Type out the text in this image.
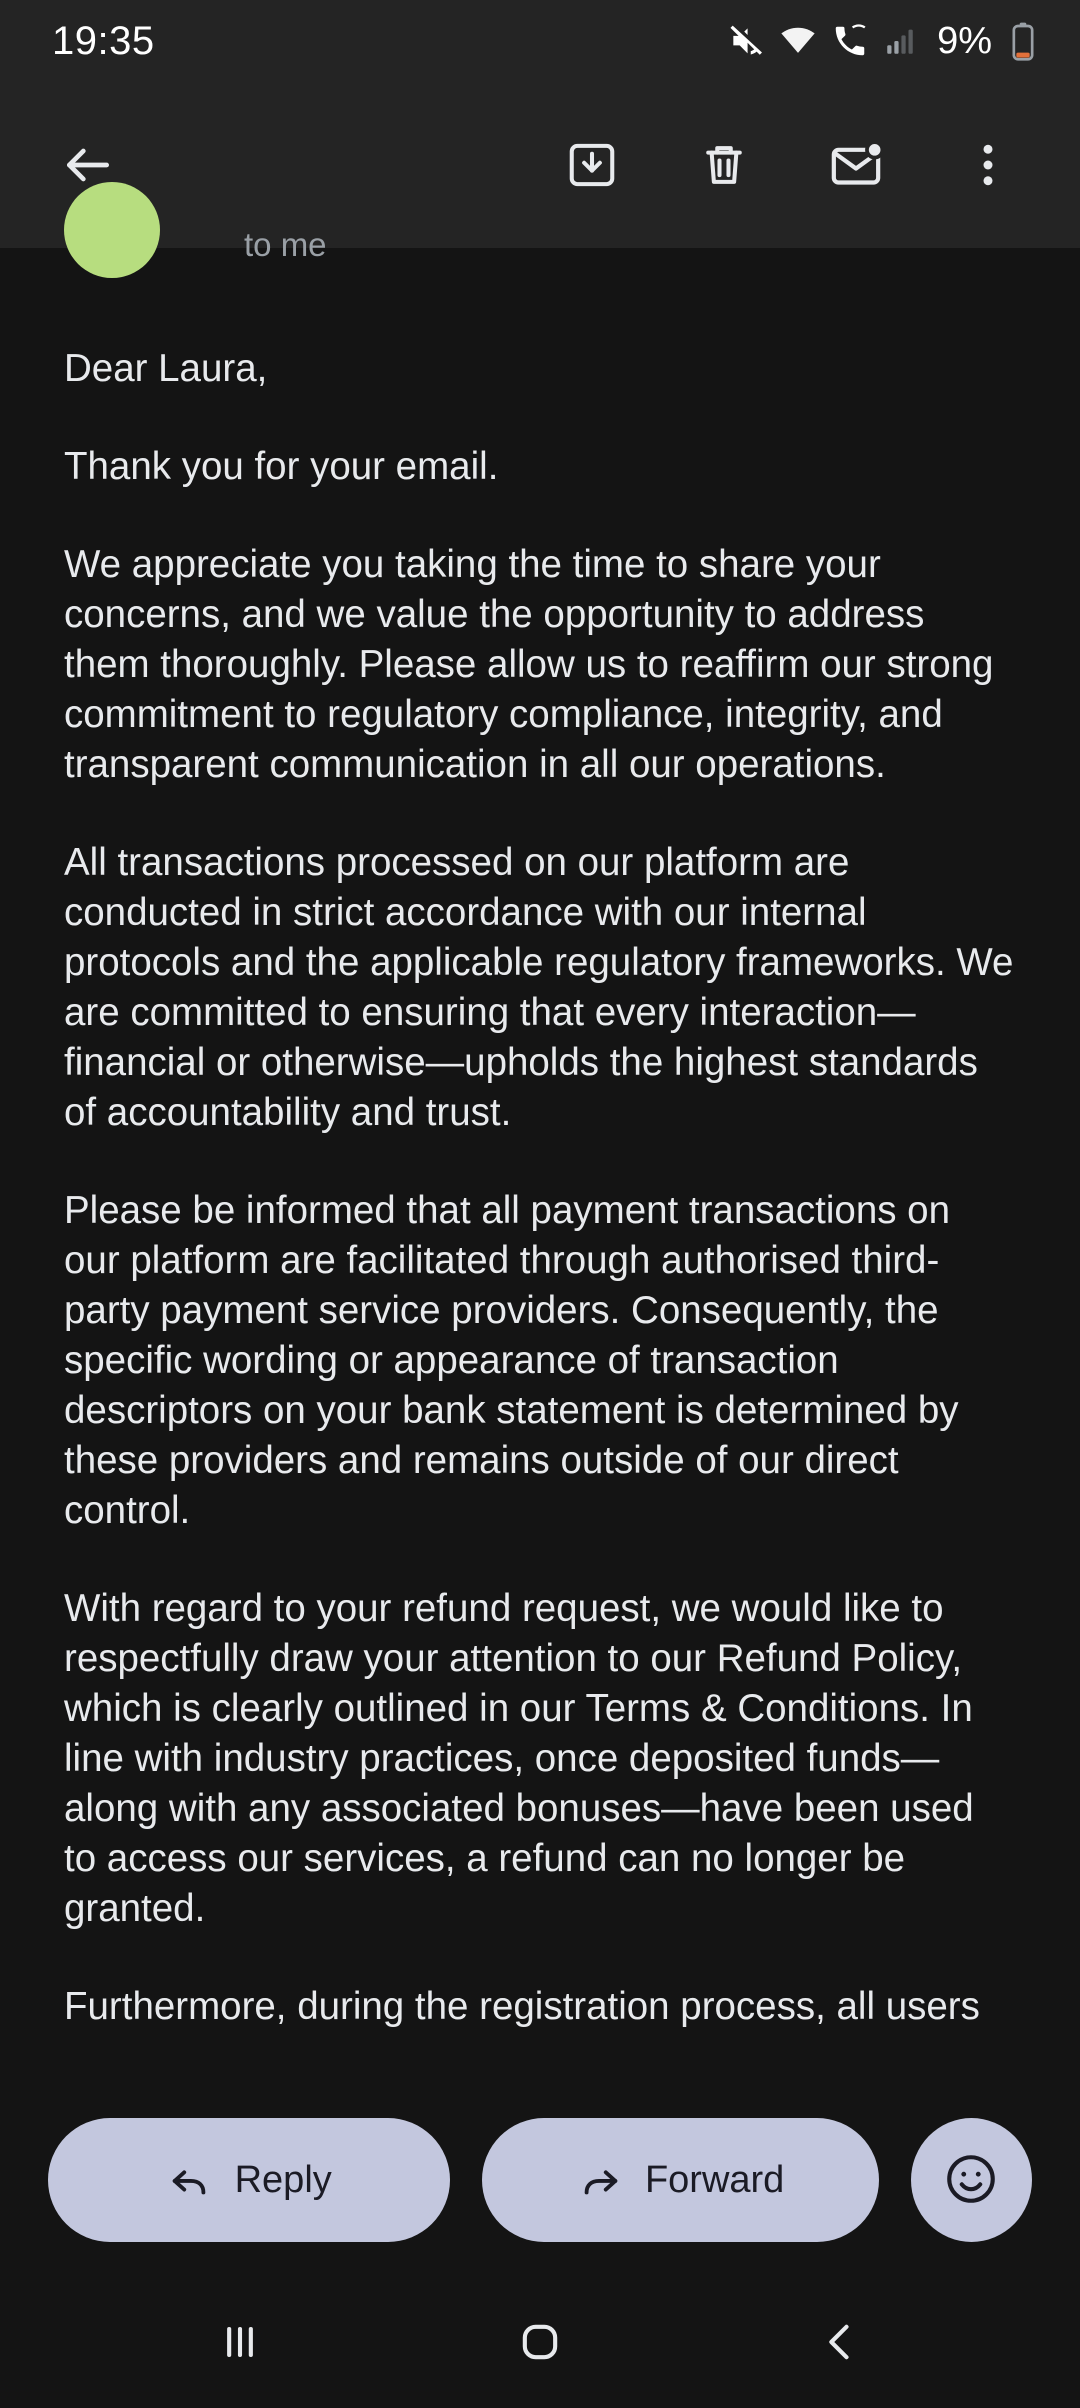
19:35	9%
to me

Dear Laura,

Thank you for your email.

We appreciate you taking the time to share your concerns, and we value the opportunity to address them thoroughly. Please allow us to reaffirm our strong commitment to regulatory compliance, integrity, and transparent communication in all our operations.

All transactions processed on our platform are conducted in strict accordance with our internal protocols and the applicable regulatory frameworks. We are committed to ensuring that every interaction—financial or otherwise—upholds the highest standards of accountability and trust.

Please be informed that all payment transactions on our platform are facilitated through authorised third-party payment service providers. Consequently, the specific wording or appearance of transaction descriptors on your bank statement is determined by these providers and remains outside of our direct control.

With regard to your refund request, we would like to respectfully draw your attention to our Refund Policy, which is clearly outlined in our Terms & Conditions. In line with industry practices, once deposited funds—along with any associated bonuses—have been used to access our services, a refund can no longer be granted.

Furthermore, during the registration process, all users

Reply	Forward
